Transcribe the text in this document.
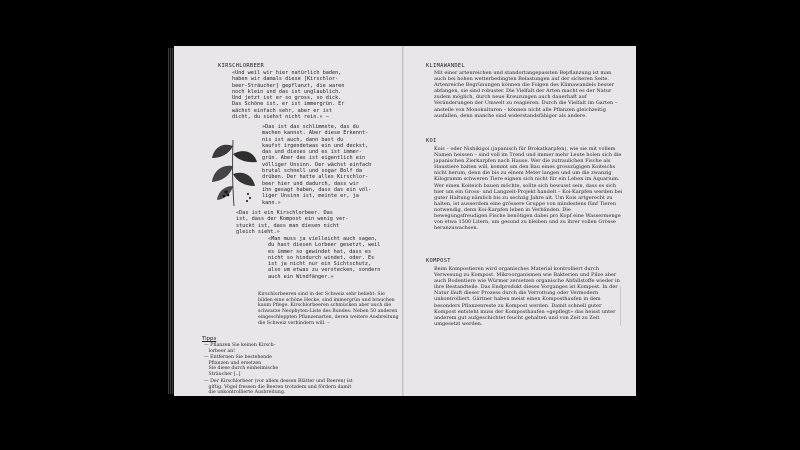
KIRSCHLORBEER
«Und weil wir hier natürlich baden,
haben wir damals diese [Kirschlor-
beer-Sträucher] gepflanzt, die waren
noch klein und das ist unglaublich.
Und jetzt ist er so gross, so dick.
Das Schöne ist, er ist immergrün. Er
wächst einfach sehr, aber er ist
dicht, du siehst nicht rein.» –
»Das ist das schlimmste, das du
machen kannst. Aber diese Erkennt-
nis ist auch, dann bast du
kaufst irgendetwas ein und deckst,
das und dieses und es ist immer-
grün. Aber das ist eigentlich ein
völliger Unsinn. Der wächst einfach
brutal schnell und sogar Bolf da
drüben. Der hatte alles Kirschlor-
beer hier und dadurch, dass wir
ihn gesagt haben, dass das ein völ-
liger Unsinn ist, meinte er, ja
kann.»
«Das ist ein Kirschlorbeer. Das
ist, dass der Kompost ein wenig ver-
stuckt ist, dass man diesen nicht
gleich sieht.»
«Man muss ja vielleicht auch sagen,
du hast diesen Lorbeer gesetzt, weil
es immer so gewindet hat, dass es
nicht so hindurch windet, oder. Es
ist ja nicht nur ein Sichtschutz,
also um etwas zu verstecken, sondern
auch ein Windfänger.»
Kirschlorbeeren sind in der Schweiz sehr beliebt: Sie bilden eine schöne Hecke, sind immergrün und brauchen kaum Pflege. Kirschlorbeeren schmücken aber auch die schwarze Neophyten-Liste des Bundes: Neben 50 anderen eingeschleppten Pflanzenarten, deren weitere Ausbreitung die Schweiz verhindern will. –
Tipps
— Pflanzen Sie keinen Kirsch-
lorbeer an!
— Entfernen Sie bestehende
Pflanzen und ersetzen
Sie diese durch einheimische
Sträucher [..]
— Der Kirschlorbeer (vor allem dessen Blätter und Beeren) ist
giftig. Vögel fressen die Beeren trotzdem und fördern damit
die unkontrollierte Ausbreitung.
KLIMAWANDEL
Mit einer artenreichen und standortangepassten Bepflanzung ist man auch bei hohen wetterbedingten Belastungen auf der sicheren Seite. Artenreiche Begrünungen können die Folgen des Klimawandels besser abfangen, sie sind robuster. Die Vielfalt der Arten macht es der Natur zudem möglich, durch neue Kreuzungen auch dauerhaft auf Veränderungen der Umwelt zu reagieren. Durch die Vielfalt im Garten – anstelle von Monokulturen – können nicht alle Pflanzen gleichzeitig ausfallen, denn manche sind widerstandsfähiger als andere.
KOI
Kois – oder Nishikigoi (japanisch für Brokatkarpfen), wie sie mit vollem Namen heissen – sind voll im Trend und immer mehr Leute holen sich die japanischen Zierkarpfen nach Hause. Wer die zutraulichen Fische als Haustiere halten will, kommt um den Bau eines grosszügigen Koiteichs nicht herum, denn die bis zu einem Meter langen und um die zwanzig Kilogramm schweren Tiere eignen sich nicht für ein Leben im Aquarium. Wer einen Koiteich bauen möchte, sollte sich bewusst sein, dass es sich hier um ein Gross- und Langzeit-Projekt handelt – Koi-Karpfen werden bei guter Haltung nämlich bis zu sechzig Jahre alt. Um Kois artgerecht zu halten, ist ausserdem eine grössere Gruppe von mindestens fünf Tieren notwendig, denn Koi-Karpfen leben in Verbänden. Die bewegungsfreudigen Fische benötigen dabei pro Kopf eine Wassermenge von etwa 1500 Litern, um gesund zu bleiben und zu ihrer vollen Grösse heranzuwachsen.
KOMPOST
Beim Kompostieren wird organisches Material kontrolliert durch Verwesung zu Kompost. Mikroorganismen wie Bakterien und Pilze aber auch Bodentiere wie Würmer zersetzen organische Abfallstoffe wieder in ihre Bestandteile. Das Endprodukt dieses Vorganges ist Kompost. In der Natur läuft dieser Prozess durch die Verrottung oder Vermodern unkontrolliert. Gärtner haben meist einen Komposthaufen in dem besonders Pflanzenreste zu Kompost werden. Damit schnell guter Kompost entsteht muss der Komposthaufen «gepflegt» das heisst unter anderem gut aufgeschichtet feucht gehalten und von Zeit zu Zeit umgesetzt werden.
